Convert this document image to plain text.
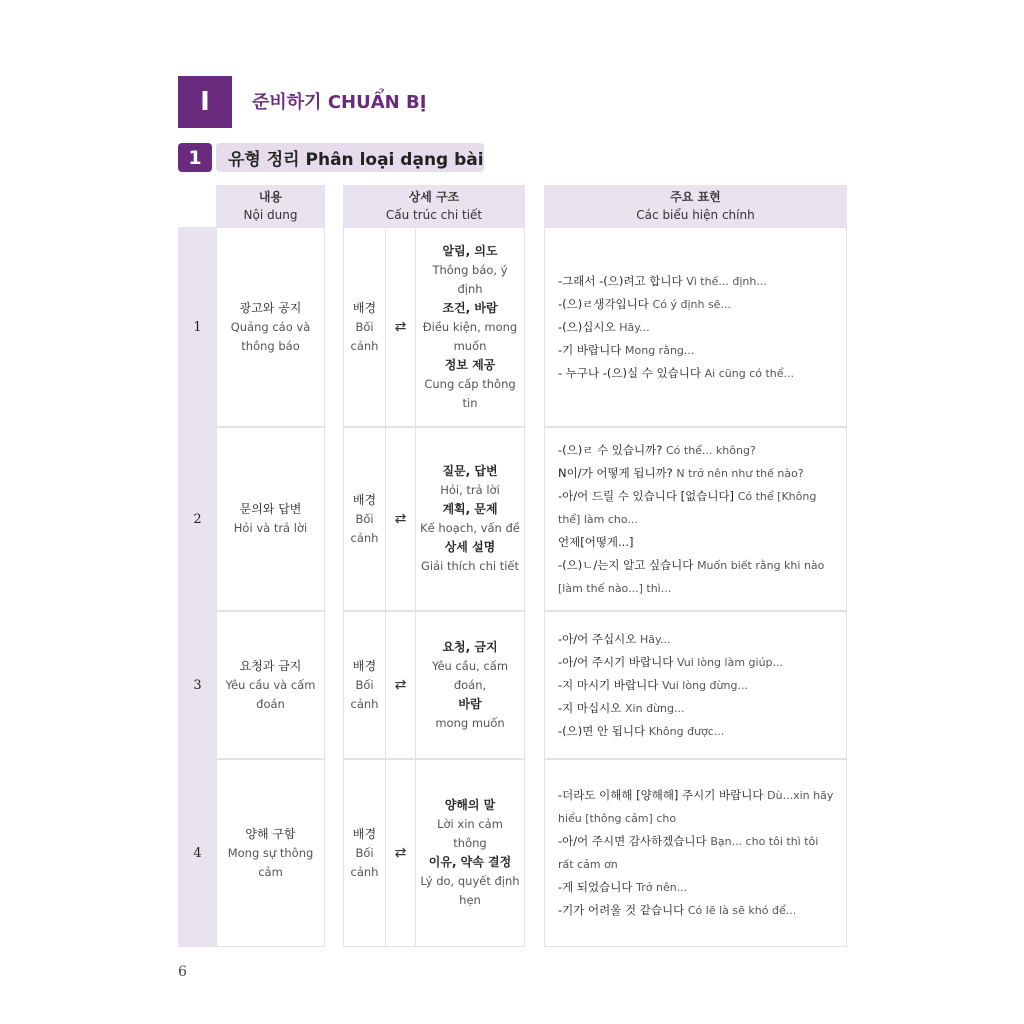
I	준비하기 CHUẨN BỊ
1	유형 정리 Phân loại dạng bài
내용
Nội dung
상세 구조
Cấu trúc chi tiết
주요 표현
Các biểu hiện chính
1
광고와 공지
Quảng cáo và thông báo
배경
Bối cảnh
⇄
알림, 의도
Thông báo, ý định
조건, 바람
Điều kiện, mong muốn
정보 제공
Cung cấp thông tin
-그래서 -(으)려고 합니다 Vì thế... định...
-(으)ㄹ생각입니다 Có ý định sẽ...
-(으)십시오 Hãy...
-기 바랍니다 Mong rằng...
- 누구나 -(으)실 수 있습니다 Ai cũng có thể...
2
문의와 답변
Hỏi và trả lời
배경
Bối cảnh
⇄
질문, 답변
Hỏi, trả lời
계획, 문제
Kế hoạch, vấn đề
상세 설명
Giải thích chi tiết
-(으)ㄹ 수 있습니까? Có thể... không?
N이/가 어떻게 됩니까? N trở nên như thế nào?
-아/어 드릴 수 있습니다 [없습니다] Có thể [Không thể] làm cho...
언제[어떻게...]
-(으)ㄴ/는지 알고 싶습니다 Muốn biết rằng khi nào [làm thế nào...] thì...
3
요청과 금지
Yêu cầu và cấm đoán
배경
Bối cảnh
⇄
요청, 금지
Yêu cầu, cấm đoán,
바람
mong muốn
-아/어 주십시오 Hãy...
-아/어 주시기 바랍니다 Vui lòng làm giúp...
-지 마시기 바랍니다 Vui lòng đừng...
-지 마십시오 Xin đừng...
-(으)면 안 됩니다 Không được...
4
양해 구함
Mong sự thông cảm
배경
Bối cảnh
⇄
양해의 말
Lời xin cảm thông
이유, 약속 결정
Lý do, quyết định hẹn
-더라도 이해해 [양해해] 주시기 바랍니다 Dù...xin hãy hiểu [thông cảm] cho
-아/어 주시면 감사하겠습니다 Bạn... cho tôi thì tôi rất cảm ơn
-게 되었습니다 Trở nên...
-기가 어려울 것 같습니다 Có lẽ là sẽ khó để...
6
